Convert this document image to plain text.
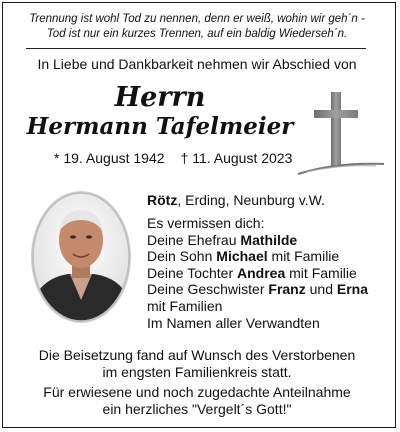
Trennung ist wohl Tod zu nennen, denn er weiß, wohin wir geh´n -
Tod ist nur ein kurzes Trennen, auf ein baldig Wiederseh´n.
In Liebe und Dankbarkeit nehmen wir Abschied von
Herrn
Hermann Tafelmeier
* 19. August 1942 † 11. August 2023
Rötz, Erding, Neunburg v.W.
Es vermissen dich:
Deine Ehefrau Mathilde
Dein Sohn Michael mit Familie
Deine Tochter Andrea mit Familie
Deine Geschwister Franz und Erna
mit Familien
Im Namen aller Verwandten
Die Beisetzung fand auf Wunsch des Verstorbenen
im engsten Familienkreis statt.
Für erwiesene und noch zugedachte Anteilnahme
ein herzliches "Vergelt´s Gott!"
